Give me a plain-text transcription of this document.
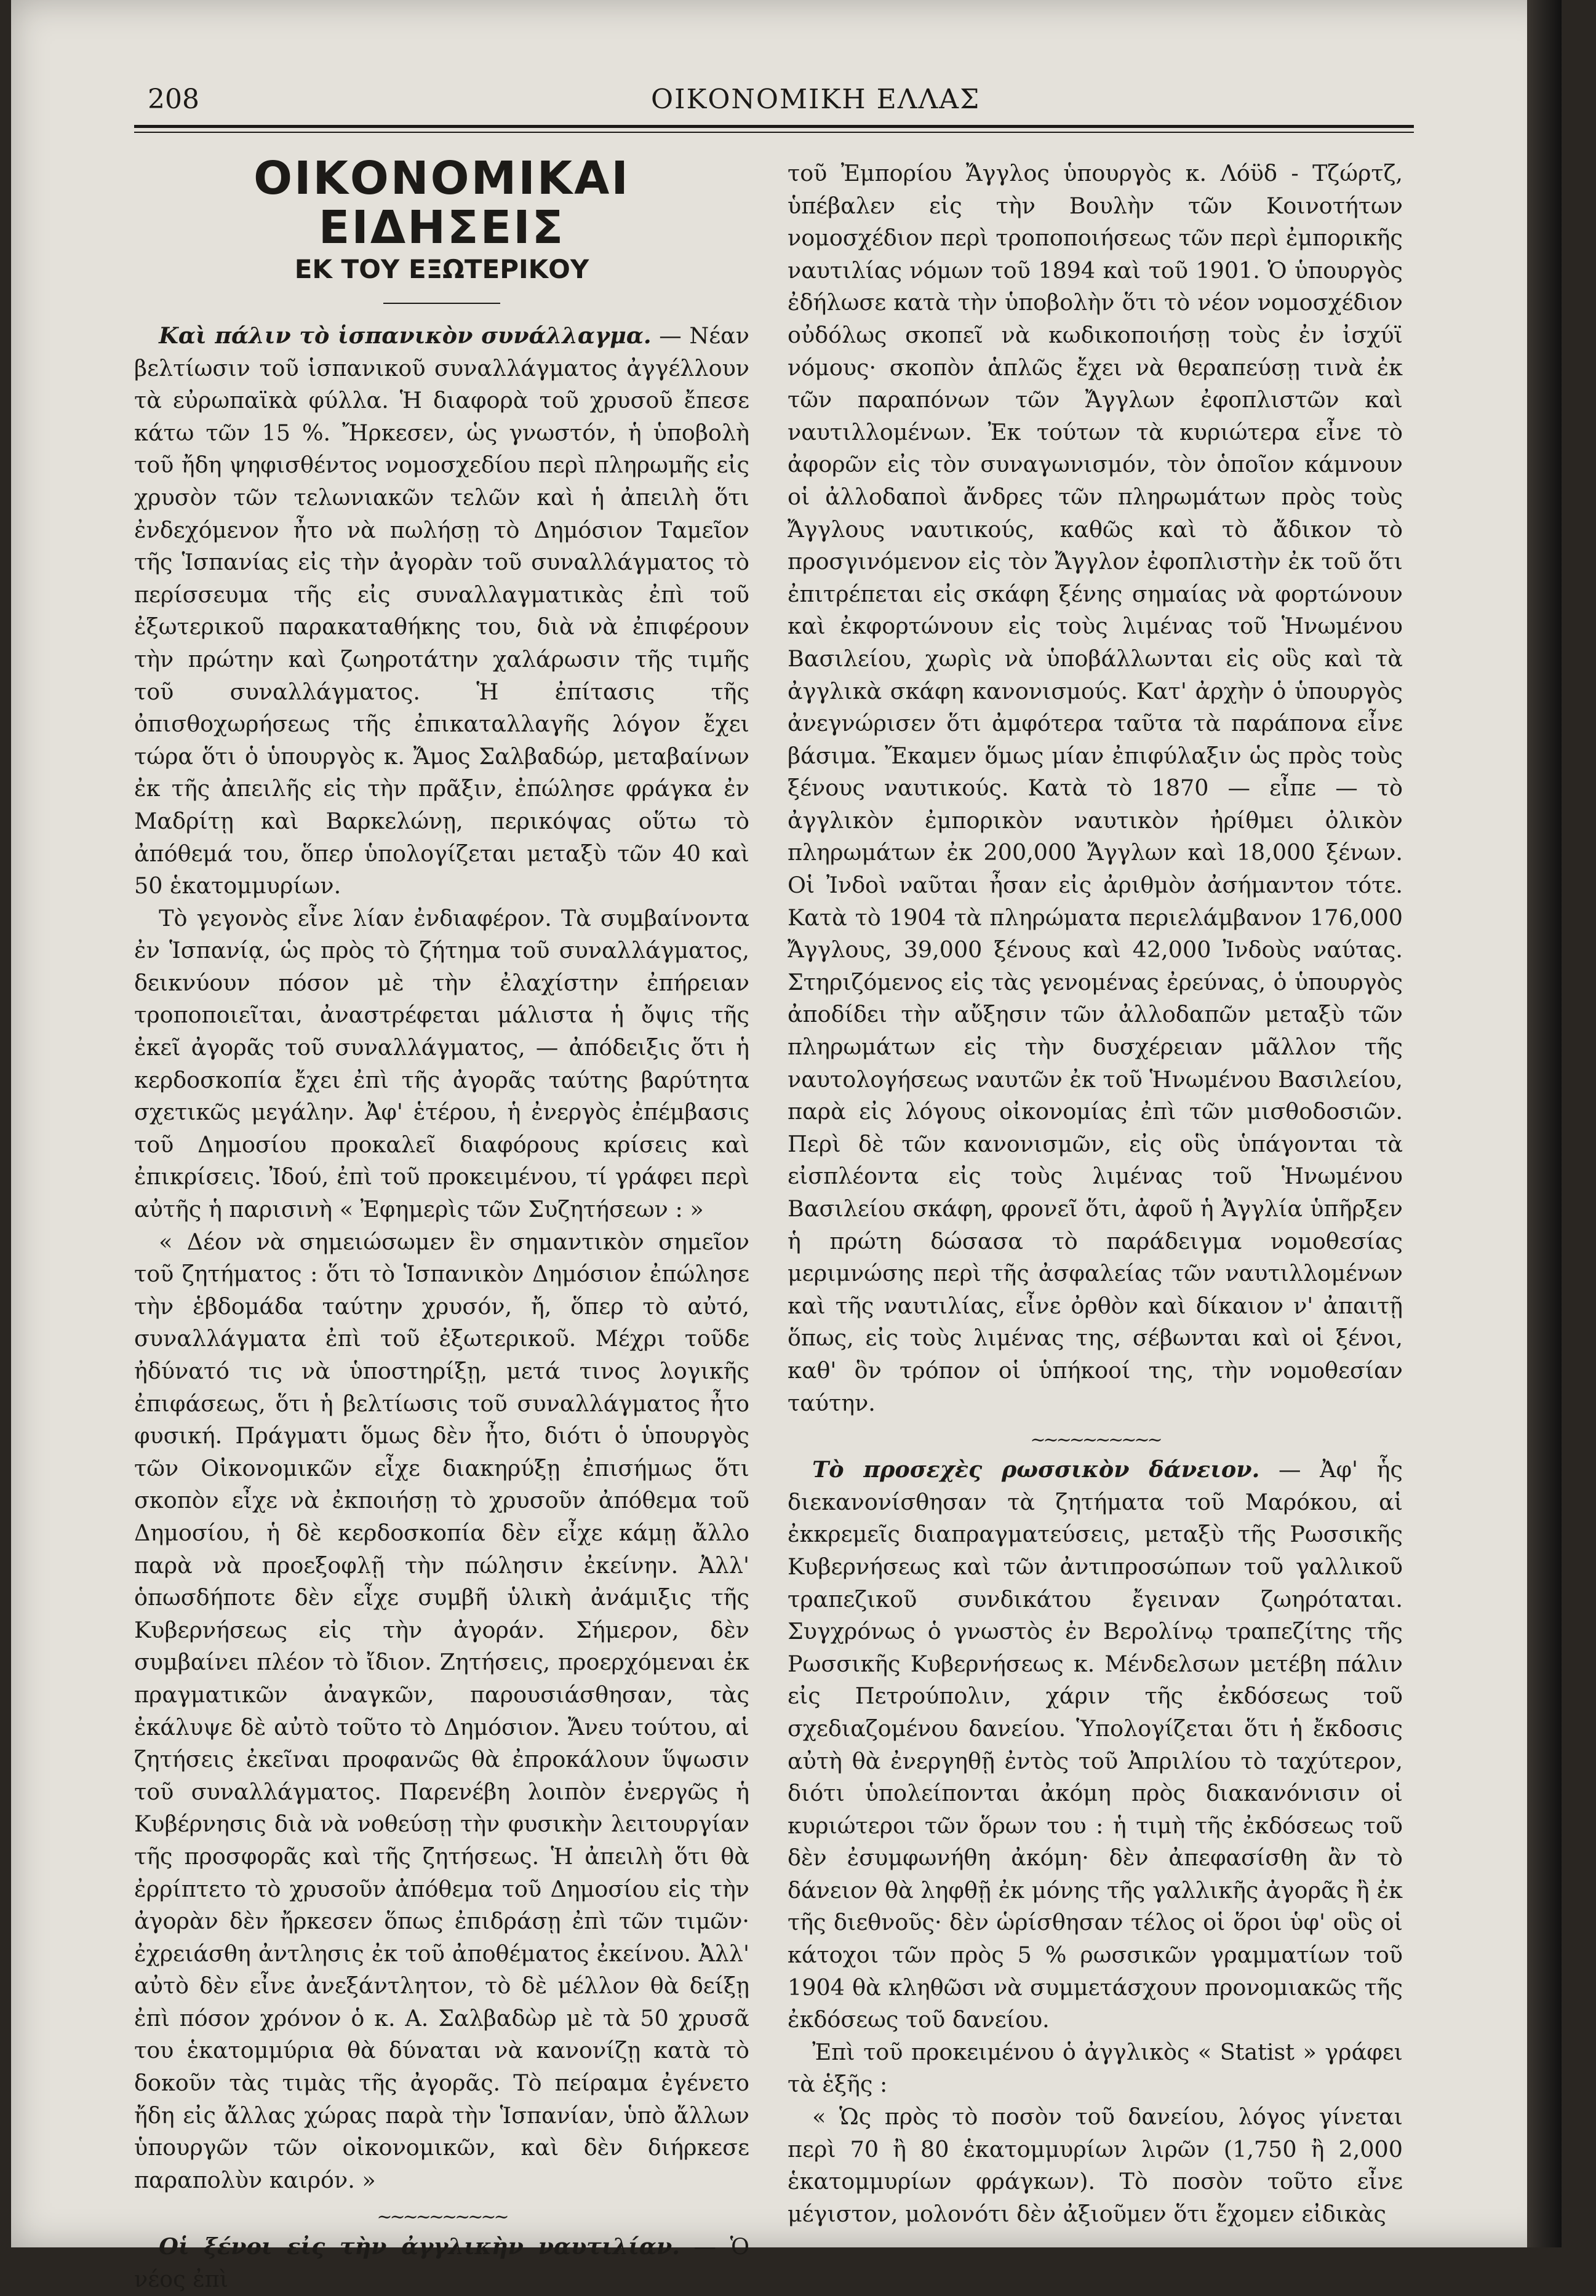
208	ΟΙΚΟΝΟΜΙΚΗ ΕΛΛΑΣ
ΟΙΚΟΝΟΜΙΚΑΙ ΕΙΔΗΣΕΙΣ
ΕΚ ΤΟΥ ΕΞΩΤΕΡΙΚΟΥ

Καὶ πάλιν τὸ ἱσπανικὸν συνάλλαγμα. — Νέαν βελτίωσιν τοῦ ἱσπανικοῦ συναλλάγματος ἀγγέλλουν τὰ εὐρωπαϊκὰ φύλλα. Ἡ διαφορὰ τοῦ χρυσοῦ ἔπεσε κάτω τῶν 15 %. Ἤρκεσεν, ὡς γνωστόν, ἡ ὑποβολὴ τοῦ ἤδη ψηφισθέντος νομοσχεδίου περὶ πληρωμῆς εἰς χρυσὸν τῶν τελωνιακῶν τελῶν καὶ ἡ ἀπειλὴ ὅτι ἐνδεχόμενον ἦτο νὰ πωλήσῃ τὸ Δημόσιον Ταμεῖον τῆς Ἱσπανίας εἰς τὴν ἀγορὰν τοῦ συναλλάγματος τὸ περίσσευμα τῆς εἰς συναλλαγματικὰς ἐπὶ τοῦ ἐξωτερικοῦ παρακαταθήκης του, διὰ νὰ ἐπιφέρουν τὴν πρώτην καὶ ζωηροτάτην χαλάρωσιν τῆς τιμῆς τοῦ συναλλάγματος. Ἡ ἐπίτασις τῆς ὀπισθοχωρήσεως τῆς ἐπικαταλλαγῆς λόγον ἔχει τώρα ὅτι ὁ ὑπουργὸς κ. Ἄμος Σαλβαδώρ, μεταβαίνων ἐκ τῆς ἀπειλῆς εἰς τὴν πρᾶξιν, ἐπώλησε φράγκα ἐν Μαδρίτῃ καὶ Βαρκελώνῃ, περικόψας οὕτω τὸ ἀπόθεμά του, ὅπερ ὑπολογίζεται μεταξὺ τῶν 40 καὶ 50 ἑκατομμυρίων.

Τὸ γεγονὸς εἶνε λίαν ἐνδιαφέρον. Τὰ συμβαίνοντα ἐν Ἱσπανίᾳ, ὡς πρὸς τὸ ζήτημα τοῦ συναλλάγματος, δεικνύουν πόσον μὲ τὴν ἐλαχίστην ἐπήρειαν τροποποιεῖται, ἀναστρέφεται μάλιστα ἡ ὄψις τῆς ἐκεῖ ἀγορᾶς τοῦ συναλλάγματος, — ἀπόδειξις ὅτι ἡ κερδοσκοπία ἔχει ἐπὶ τῆς ἀγορᾶς ταύτης βαρύτητα σχετικῶς μεγάλην. Ἀφ' ἑτέρου, ἡ ἐνεργὸς ἐπέμβασις τοῦ Δημοσίου προκαλεῖ διαφόρους κρίσεις καὶ ἐπικρίσεις. Ἰδού, ἐπὶ τοῦ προκειμένου, τί γράφει περὶ αὐτῆς ἡ παρισινὴ « Ἐφημερὶς τῶν Συζητήσεων : »

« Δέον νὰ σημειώσωμεν ἓν σημαντικὸν σημεῖον τοῦ ζητήματος : ὅτι τὸ Ἱσπανικὸν Δημόσιον ἐπώλησε τὴν ἑβδομάδα ταύτην χρυσόν, ἤ, ὅπερ τὸ αὐτό, συναλλάγματα ἐπὶ τοῦ ἐξωτερικοῦ. Μέχρι τοῦδε ἠδύνατό τις νὰ ὑποστηρίξῃ, μετά τινος λογικῆς ἐπιφάσεως, ὅτι ἡ βελτίωσις τοῦ συναλλάγματος ἦτο φυσική. Πράγματι ὅμως δὲν ἦτο, διότι ὁ ὑπουργὸς τῶν Οἰκονομικῶν εἶχε διακηρύξῃ ἐπισήμως ὅτι σκοπὸν εἶχε νὰ ἐκποιήσῃ τὸ χρυσοῦν ἀπόθεμα τοῦ Δημοσίου, ἡ δὲ κερδοσκοπία δὲν εἶχε κάμῃ ἄλλο παρὰ νὰ προεξοφλῇ τὴν πώλησιν ἐκείνην. Ἀλλ' ὁπωσδήποτε δὲν εἶχε συμβῆ ὑλικὴ ἀνάμιξις τῆς Κυβερνήσεως εἰς τὴν ἀγοράν. Σήμερον, δὲν συμβαίνει πλέον τὸ ἴδιον. Ζητήσεις, προερχόμεναι ἐκ πραγματικῶν ἀναγκῶν, παρουσιάσθησαν, τὰς ἐκάλυψε δὲ αὐτὸ τοῦτο τὸ Δημόσιον. Ἄνευ τούτου, αἱ ζητήσεις ἐκεῖναι προφανῶς θὰ ἐπροκάλουν ὕψωσιν τοῦ συναλλάγματος. Παρενέβη λοιπὸν ἐνεργῶς ἡ Κυβέρνησις διὰ νὰ νοθεύσῃ τὴν φυσικὴν λειτουργίαν τῆς προσφορᾶς καὶ τῆς ζητήσεως. Ἡ ἀπειλὴ ὅτι θὰ ἐρρίπτετο τὸ χρυσοῦν ἀπόθεμα τοῦ Δημοσίου εἰς τὴν ἀγορὰν δὲν ἤρκεσεν ὅπως ἐπιδράσῃ ἐπὶ τῶν τιμῶν· ἐχρειάσθη ἀντλησις ἐκ τοῦ ἀποθέματος ἐκείνου. Ἀλλ' αὐτὸ δὲν εἶνε ἀνεξάντλητον, τὸ δὲ μέλλον θὰ δείξῃ ἐπὶ πόσον χρόνον ὁ κ. Α. Σαλβαδὼρ μὲ τὰ 50 χρυσᾶ του ἑκατομμύρια θὰ δύναται νὰ κανονίζῃ κατὰ τὸ δοκοῦν τὰς τιμὰς τῆς ἀγορᾶς. Τὸ πείραμα ἐγένετο ἤδη εἰς ἄλλας χώρας παρὰ τὴν Ἱσπανίαν, ὑπὸ ἄλλων ὑπουργῶν τῶν οἰκονομικῶν, καὶ δὲν διήρκεσε παραπολὺν καιρόν. »

~~~~~~~~~~

Οἱ ξένοι εἰς τὴν ἀγγλικὴν ναυτιλίαν. — Ὁ νέος ἐπὶ

τοῦ Ἐμπορίου Ἄγγλος ὑπουργὸς κ. Λόϋδ - Τζώρτζ, ὑπέβαλεν εἰς τὴν Βουλὴν τῶν Κοινοτήτων νομοσχέδιον περὶ τροποποιήσεως τῶν περὶ ἐμπορικῆς ναυτιλίας νόμων τοῦ 1894 καὶ τοῦ 1901. Ὁ ὑπουργὸς ἐδήλωσε κατὰ τὴν ὑποβολὴν ὅτι τὸ νέον νομοσχέδιον οὐδόλως σκοπεῖ νὰ κωδικοποιήσῃ τοὺς ἐν ἰσχύϊ νόμους· σκοπὸν ἁπλῶς ἔχει νὰ θεραπεύσῃ τινὰ ἐκ τῶν παραπόνων τῶν Ἄγγλων ἐφοπλιστῶν καὶ ναυτιλλομένων. Ἐκ τούτων τὰ κυριώτερα εἶνε τὸ ἀφορῶν εἰς τὸν συναγωνισμόν, τὸν ὁποῖον κάμνουν οἱ ἀλλοδαποὶ ἄνδρες τῶν πληρωμάτων πρὸς τοὺς Ἄγγλους ναυτικούς, καθῶς καὶ τὸ ἄδικον τὸ προσγινόμενον εἰς τὸν Ἄγγλον ἐφοπλιστὴν ἐκ τοῦ ὅτι ἐπιτρέπεται εἰς σκάφη ξένης σημαίας νὰ φορτώνουν καὶ ἐκφορτώνουν εἰς τοὺς λιμένας τοῦ Ἡνωμένου Βασιλείου, χωρὶς νὰ ὑποβάλλωνται εἰς οὓς καὶ τὰ ἀγγλικὰ σκάφη κανονισμούς. Κατ' ἀρχὴν ὁ ὑπουργὸς ἀνεγνώρισεν ὅτι ἀμφότερα ταῦτα τὰ παράπονα εἶνε βάσιμα. Ἔκαμεν ὅμως μίαν ἐπιφύλαξιν ὡς πρὸς τοὺς ξένους ναυτικούς. Κατὰ τὸ 1870 — εἶπε — τὸ ἀγγλικὸν ἐμπορικὸν ναυτικὸν ἠρίθμει ὀλικὸν πληρωμάτων ἐκ 200,000 Ἄγγλων καὶ 18,000 ξένων. Οἱ Ἰνδοὶ ναῦται ἦσαν εἰς ἀριθμὸν ἀσήμαντον τότε. Κατὰ τὸ 1904 τὰ πληρώματα περιελάμβανον 176,000 Ἄγγλους, 39,000 ξένους καὶ 42,000 Ἰνδοὺς ναύτας. Στηριζόμενος εἰς τὰς γενομένας ἐρεύνας, ὁ ὑπουργὸς ἀποδίδει τὴν αὔξησιν τῶν ἀλλοδαπῶν μεταξὺ τῶν πληρωμάτων εἰς τὴν δυσχέρειαν μᾶλλον τῆς ναυτολογήσεως ναυτῶν ἐκ τοῦ Ἡνωμένου Βασιλείου, παρὰ εἰς λόγους οἰκονομίας ἐπὶ τῶν μισθοδοσιῶν. Περὶ δὲ τῶν κανονισμῶν, εἰς οὓς ὑπάγονται τὰ εἰσπλέοντα εἰς τοὺς λιμένας τοῦ Ἡνωμένου Βασιλείου σκάφη, φρονεῖ ὅτι, ἀφοῦ ἡ Ἀγγλία ὑπῆρξεν ἡ πρώτη δώσασα τὸ παράδειγμα νομοθεσίας μεριμνώσης περὶ τῆς ἀσφαλείας τῶν ναυτιλλομένων καὶ τῆς ναυτιλίας, εἶνε ὀρθὸν καὶ δίκαιον ν' ἀπαιτῇ ὅπως, εἰς τοὺς λιμένας της, σέβωνται καὶ οἱ ξένοι, καθ' ὃν τρόπον οἱ ὑπήκοοί της, τὴν νομοθεσίαν ταύτην.

~~~~~~~~~~

Τὸ προσεχὲς ρωσσικὸν δάνειον. — Ἀφ' ἧς διεκανονίσθησαν τὰ ζητήματα τοῦ Μαρόκου, αἱ ἐκκρεμεῖς διαπραγματεύσεις, μεταξὺ τῆς Ρωσσικῆς Κυβερνήσεως καὶ τῶν ἀντιπροσώπων τοῦ γαλλικοῦ τραπεζικοῦ συνδικάτου ἔγειναν ζωηρόταται. Συγχρόνως ὁ γνωστὸς ἐν Βερολίνῳ τραπεζίτης τῆς Ρωσσικῆς Κυβερνήσεως κ. Μένδελσων μετέβη πάλιν εἰς Πετρούπολιν, χάριν τῆς ἐκδόσεως τοῦ σχεδιαζομένου δανείου. Ὑπολογίζεται ὅτι ἡ ἔκδοσις αὐτὴ θὰ ἐνεργηθῇ ἐντὸς τοῦ Ἀπριλίου τὸ ταχύτερον, διότι ὑπολείπονται ἀκόμη πρὸς διακανόνισιν οἱ κυριώτεροι τῶν ὅρων του : ἡ τιμὴ τῆς ἐκδόσεως τοῦ δὲν ἐσυμφωνήθη ἀκόμη· δὲν ἀπεφασίσθη ἂν τὸ δάνειον θὰ ληφθῇ ἐκ μόνης τῆς γαλλικῆς ἀγορᾶς ἢ ἐκ τῆς διεθνοῦς· δὲν ὡρίσθησαν τέλος οἱ ὅροι ὑφ' οὓς οἱ κάτοχοι τῶν πρὸς 5 % ρωσσικῶν γραμματίων τοῦ 1904 θὰ κληθῶσι νὰ συμμετάσχουν προνομιακῶς τῆς ἐκδόσεως τοῦ δανείου.

Ἐπὶ τοῦ προκειμένου ὁ ἀγγλικὸς « Statist » γράφει τὰ ἑξῆς :

« Ὡς πρὸς τὸ ποσὸν τοῦ δανείου, λόγος γίνεται περὶ 70 ἢ 80 ἑκατομμυρίων λιρῶν (1,750 ἢ 2,000 ἑκατομμυρίων φράγκων). Τὸ ποσὸν τοῦτο εἶνε μέγιστον, μολονότι δὲν ἀξιοῦμεν ὅτι ἔχομεν εἰδικὰς
